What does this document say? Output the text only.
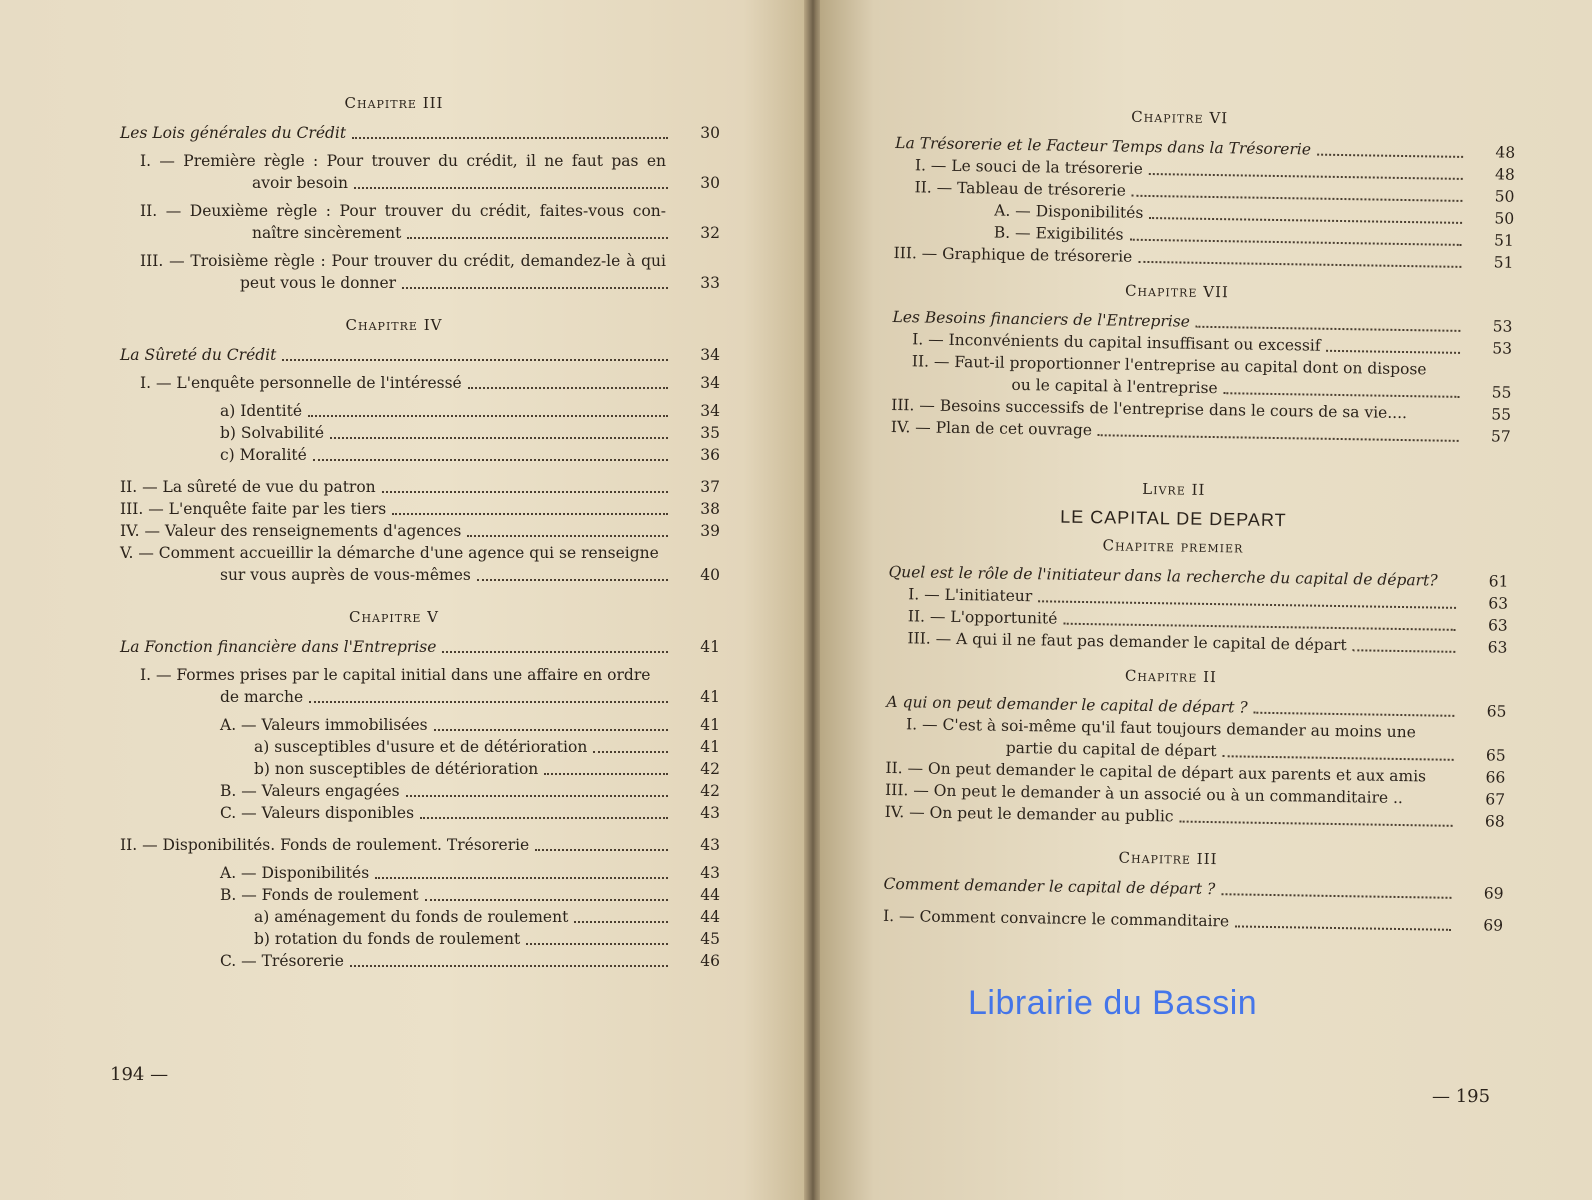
Chapitre III
Les Lois générales du Crédit	30
I. — Première règle : Pour trouver du crédit, il ne faut pas en
avoir besoin	30
II. — Deuxième règle : Pour trouver du crédit, faites-vous con-
naître sincèrement	32
III. — Troisième règle : Pour trouver du crédit, demandez-le à qui
peut vous le donner	33
Chapitre IV
La Sûreté du Crédit	34
I. — L'enquête personnelle de l'intéressé	34
a) Identité	34
b) Solvabilité	35
c) Moralité	36
II. — La sûreté de vue du patron	37
III. — L'enquête faite par les tiers	38
IV. — Valeur des renseignements d'agences	39
V. — Comment accueillir la démarche d'une agence qui se renseigne
sur vous auprès de vous-mêmes	40
Chapitre V
La Fonction financière dans l'Entreprise	41
I. — Formes prises par le capital initial dans une affaire en ordre
de marche	41
A. — Valeurs immobilisées	41
a) susceptibles d'usure et de détérioration	41
b) non susceptibles de détérioration	42
B. — Valeurs engagées	42
C. — Valeurs disponibles	43
II. — Disponibilités. Fonds de roulement. Trésorerie	43
A. — Disponibilités	43
B. — Fonds de roulement	44
a) aménagement du fonds de roulement	44
b) rotation du fonds de roulement	45
C. — Trésorerie	46
194 —
Chapitre VI
La Trésorerie et le Facteur Temps dans la Trésorerie	48
I. — Le souci de la trésorerie	48
II. — Tableau de trésorerie	50
A. — Disponibilités	50
B. — Exigibilités	51
III. — Graphique de trésorerie	51
Chapitre VII
Les Besoins financiers de l'Entreprise	53
I. — Inconvénients du capital insuffisant ou excessif	53
II. — Faut-il proportionner l'entreprise au capital dont on dispose
ou le capital à l'entreprise	55
III. — Besoins successifs de l'entreprise dans le cours de sa vie....	55
IV. — Plan de cet ouvrage	57
Livre II
LE CAPITAL DE DEPART
Chapitre premier
Quel est le rôle de l'initiateur dans la recherche du capital de départ?	61
I. — L'initiateur	63
II. — L'opportunité	63
III. — A qui il ne faut pas demander le capital de départ	63
Chapitre II
A qui on peut demander le capital de départ ?	65
I. — C'est à soi-même qu'il faut toujours demander au moins une
partie du capital de départ	65
II. — On peut demander le capital de départ aux parents et aux amis	66
III. — On peut le demander à un associé ou à un commanditaire ..	67
IV. — On peut le demander au public	68
Chapitre III
Comment demander le capital de départ ?	69
I. — Comment convaincre le commanditaire	69
— 195
Librairie du Bassin
